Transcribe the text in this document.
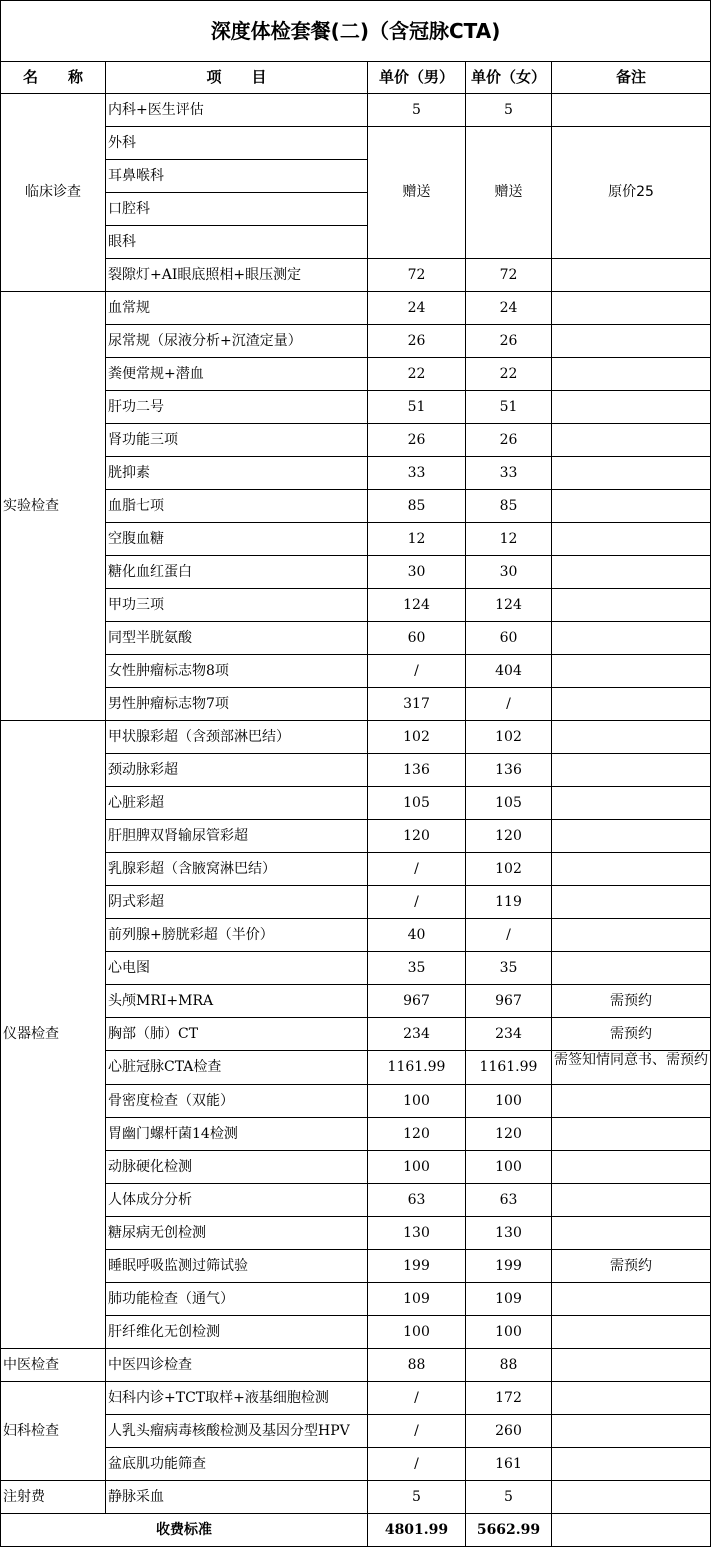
深度体检套餐(二)（含冠脉CTA)				
名　　称	项　　目	单价（男）	单价（女）	备注
临床诊查	内科+医生评估	5	5	
	外科	赠送	赠送	原价25
	耳鼻喉科			
	口腔科			
	眼科			
	裂隙灯+AI眼底照相+眼压测定	72	72	
实验检查	血常规	24	24	
	尿常规（尿液分析+沉渣定量）	26	26	
	粪便常规+潜血	22	22	
	肝功二号	51	51	
	肾功能三项	26	26	
	胱抑素	33	33	
	血脂七项	85	85	
	空腹血糖	12	12	
	糖化血红蛋白	30	30	
	甲功三项	124	124	
	同型半胱氨酸	60	60	
	女性肿瘤标志物8项	/	404	
	男性肿瘤标志物7项	317	/	
仪器检查	甲状腺彩超（含颈部淋巴结）	102	102	
	颈动脉彩超	136	136	
	心脏彩超	105	105	
	肝胆脾双肾输尿管彩超	120	120	
	乳腺彩超（含腋窝淋巴结）	/	102	
	阴式彩超	/	119	
	前列腺+膀胱彩超（半价）	40	/	
	心电图	35	35	
	头颅MRI+MRA	967	967	需预约
	胸部（肺）CT	234	234	需预约
	心脏冠脉CTA检查	1161.99	1161.99	需签知情同意书、需预约
	骨密度检查（双能）	100	100	
	胃幽门螺杆菌14检测	120	120	
	动脉硬化检测	100	100	
	人体成分分析	63	63	
	糖尿病无创检测	130	130	
	睡眠呼吸监测过筛试验	199	199	需预约
	肺功能检查（通气）	109	109	
	肝纤维化无创检测	100	100	
中医检查	中医四诊检查	88	88	
妇科检查	妇科内诊+TCT取样+液基细胞检测	/	172	
	人乳头瘤病毒核酸检测及基因分型HPV	/	260	
	盆底肌功能筛查	/	161	
注射费	静脉采血	5	5	
收费标准		4801.99	5662.99	
